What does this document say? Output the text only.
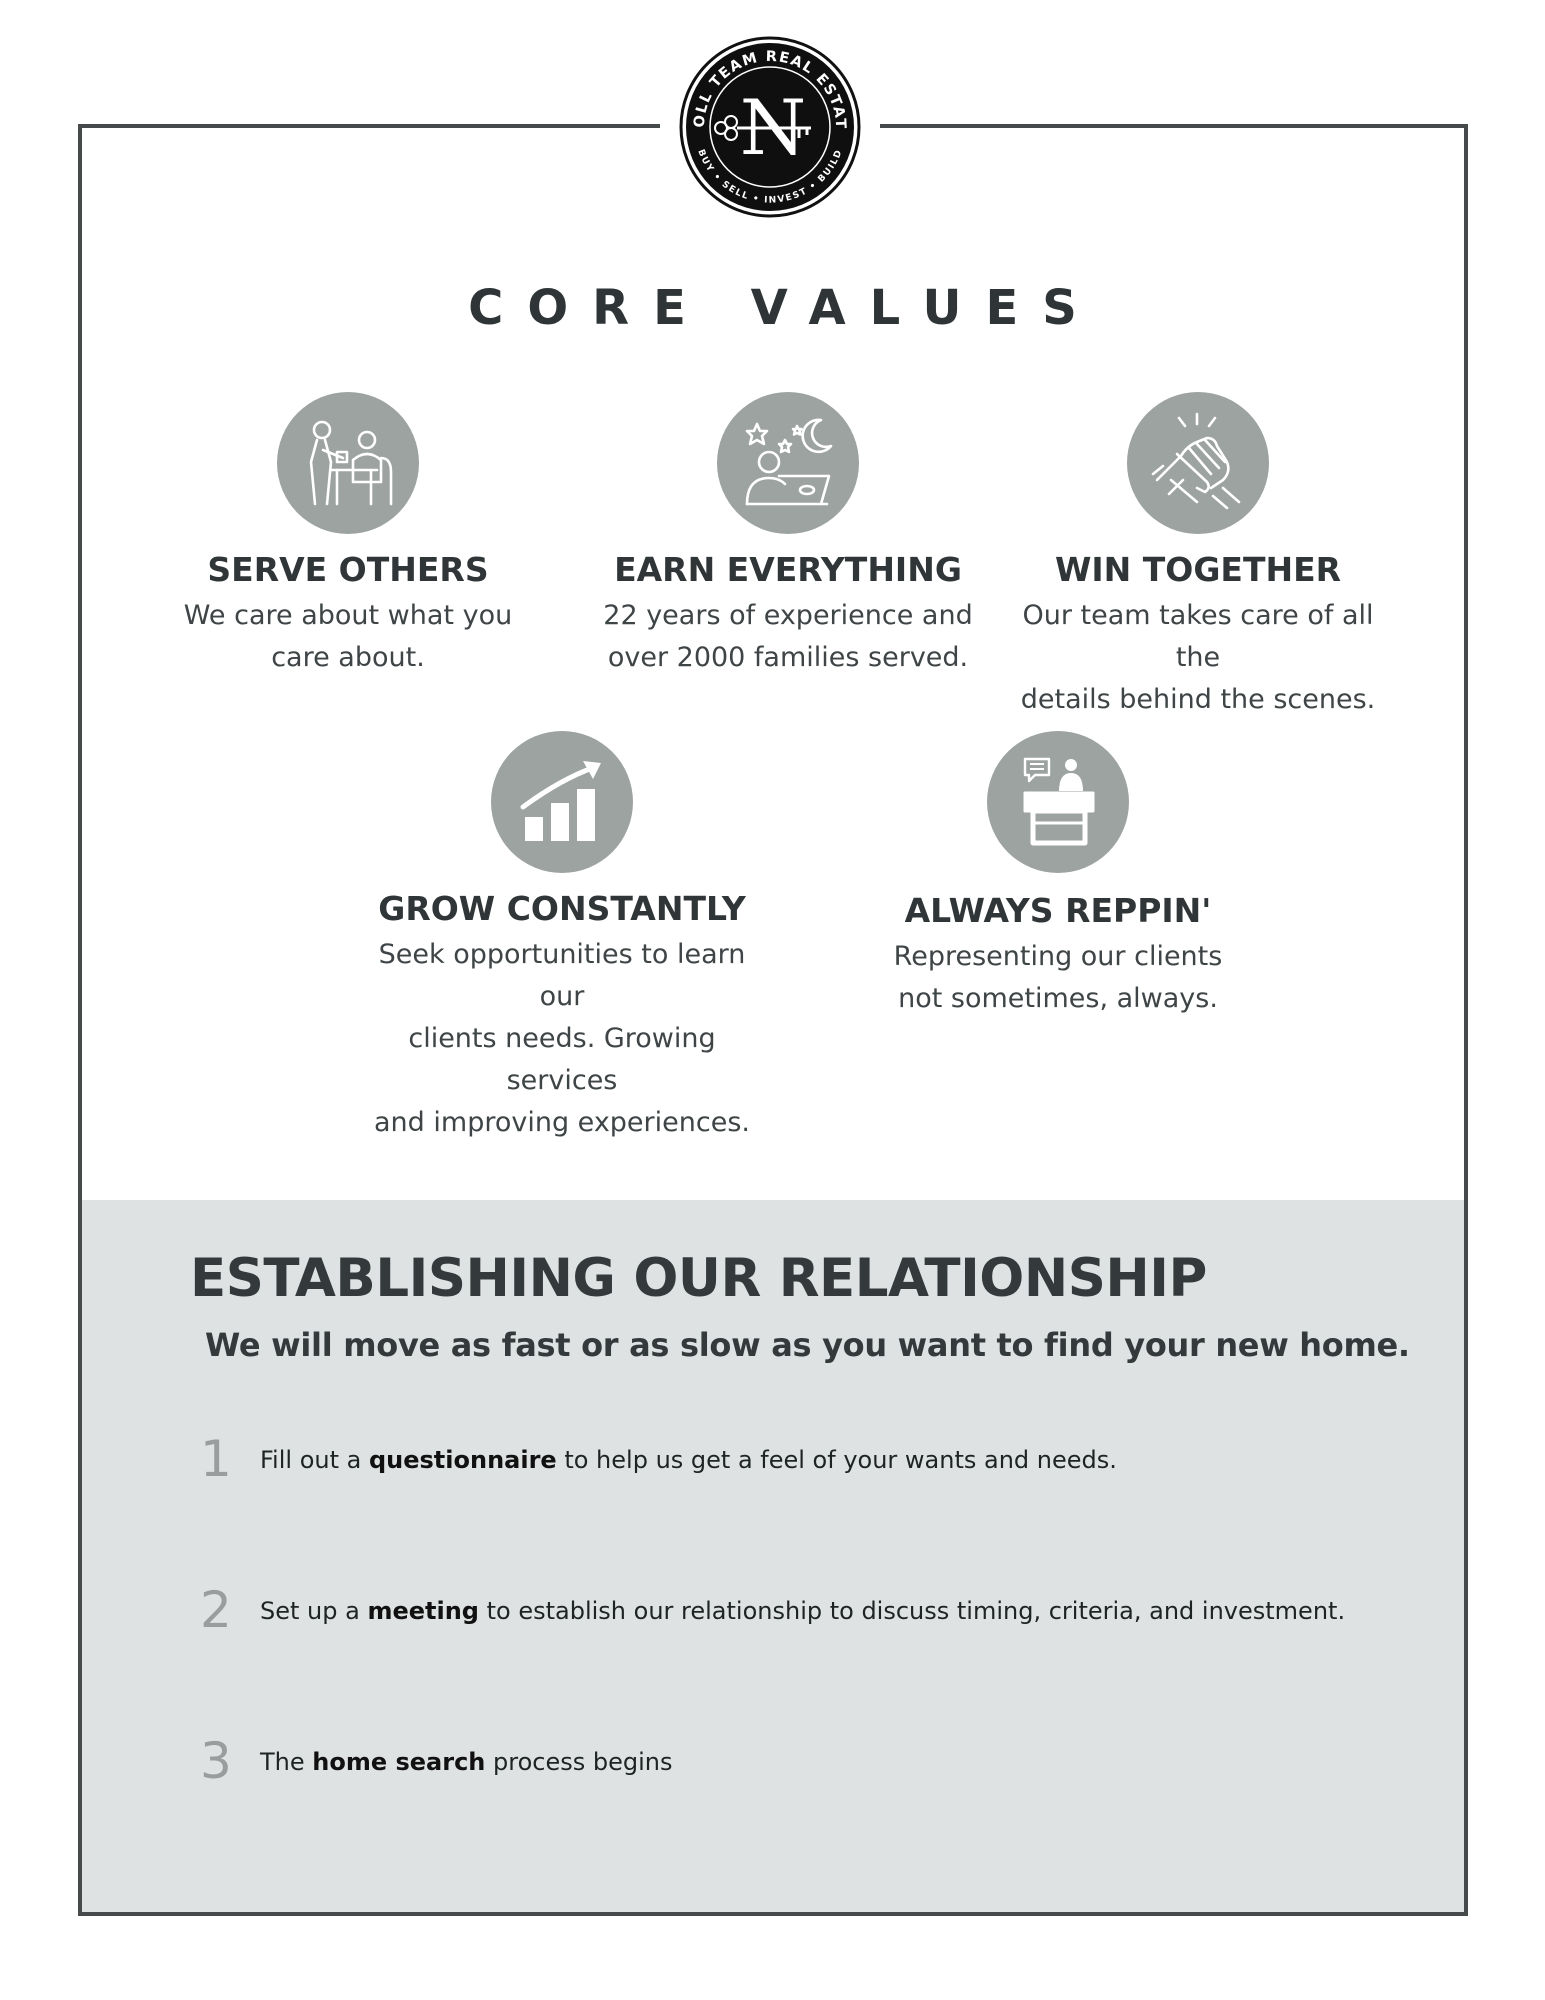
OLL TEAM REAL ESTAT
BUY • SELL • INVEST • BUILD
N
CORE VALUES
SERVE OTHERS

We care about what you
care about.

EARN EVERYTHING

22 years of experience and
over 2000 families served.

WIN TOGETHER

Our team takes care of all the
details behind the scenes.

GROW CONSTANTLY

Seek opportunities to learn our
clients needs. Growing services
and improving experiences.

ALWAYS REPPIN'

Representing our clients
not sometimes, always.

ESTABLISHING OUR RELATIONSHIP
We will move as fast or as slow as you want to find your new home.
1 Fill out a questionnaire to help us get a feel of your wants and needs.
2 Set up a meeting to establish our relationship to discuss timing, criteria, and investment.
3 The home search process begins
